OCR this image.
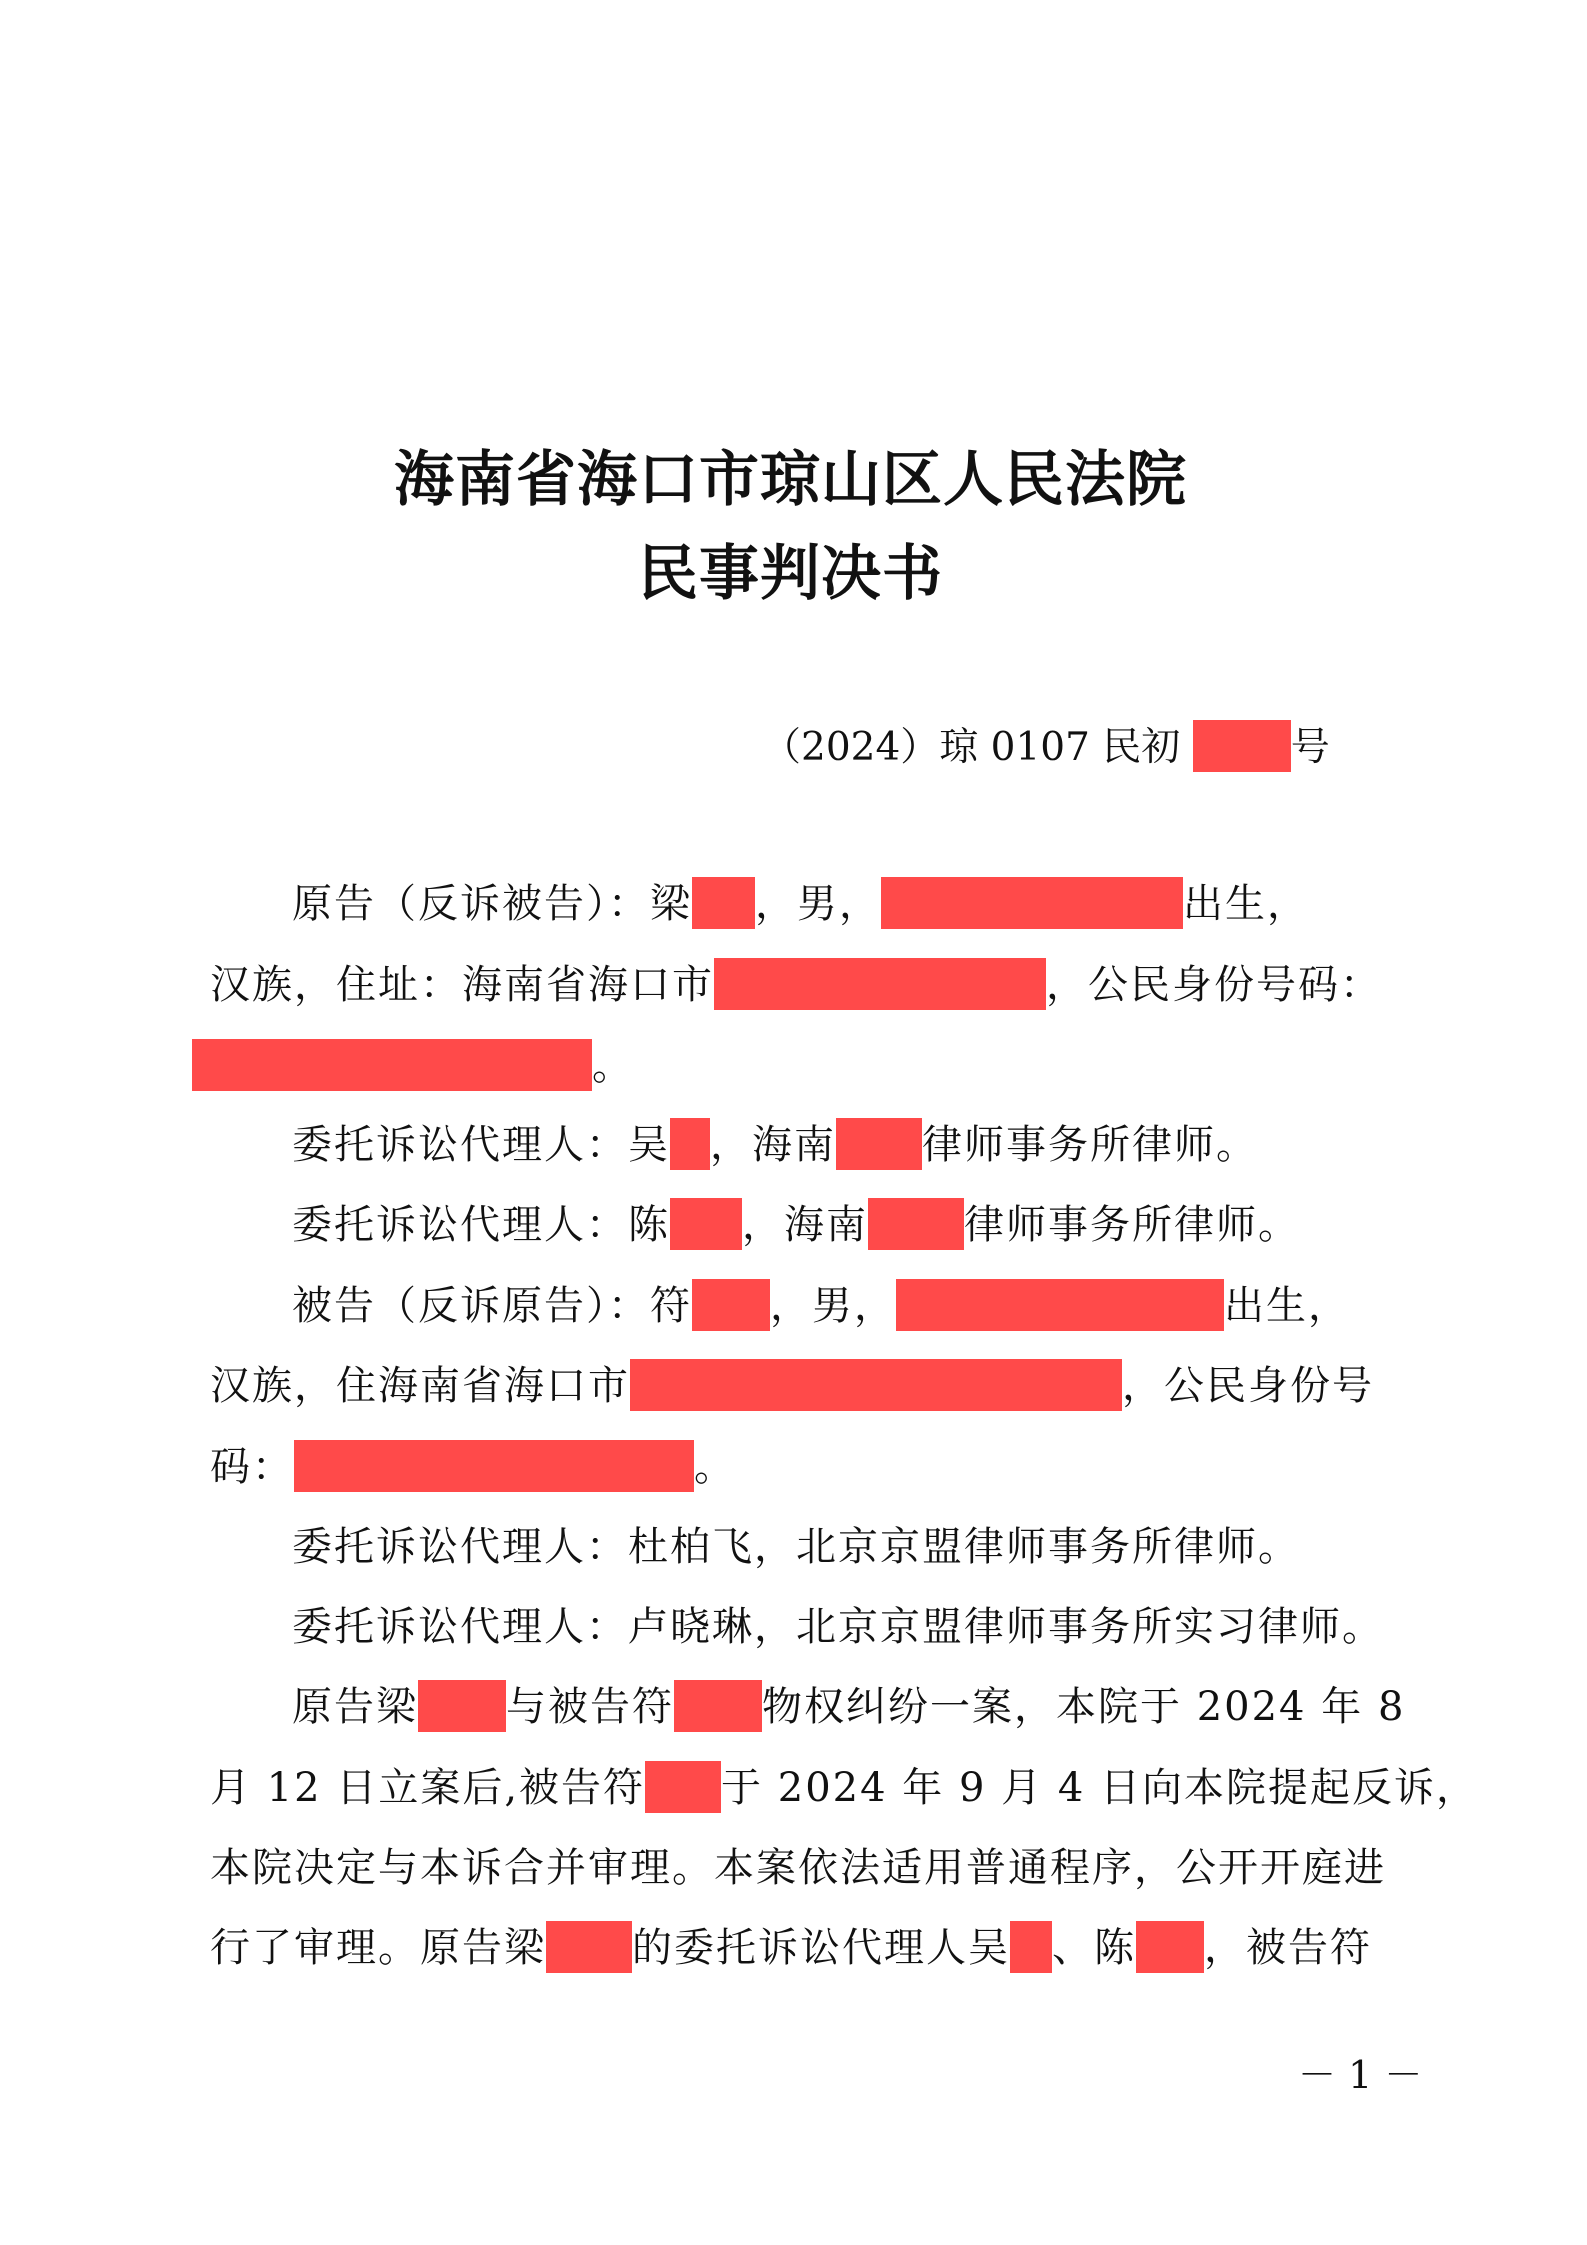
海南省海口市琼山区人民法院
民事判决书
（2024）琼 0107 民初	号
原告（反诉被告）：梁 ，男，	出生，
汉族，住址：海南省海口市	，公民身份号码：
。
委托诉讼代理人：吴 ，海南 律师事务所律师。
委托诉讼代理人：陈 ，海南 律师事务所律师。
被告（反诉原告）：符 ，男，	出生，
汉族，住海南省海口市	，公民身份号
码：	。
委托诉讼代理人：杜柏飞，北京京盟律师事务所律师。
委托诉讼代理人：卢晓琳，北京京盟律师事务所实习律师。
原告梁 与被告符 物权纠纷一案，本院于 2024 年 8
月 12 日立案后,被告符 于 2024 年 9 月 4 日向本院提起反诉，
本院决定与本诉合并审理。本案依法适用普通程序，公开开庭进
行了审理。原告梁 的委托诉讼代理人吴 、陈 ，被告符
－ 1 －
